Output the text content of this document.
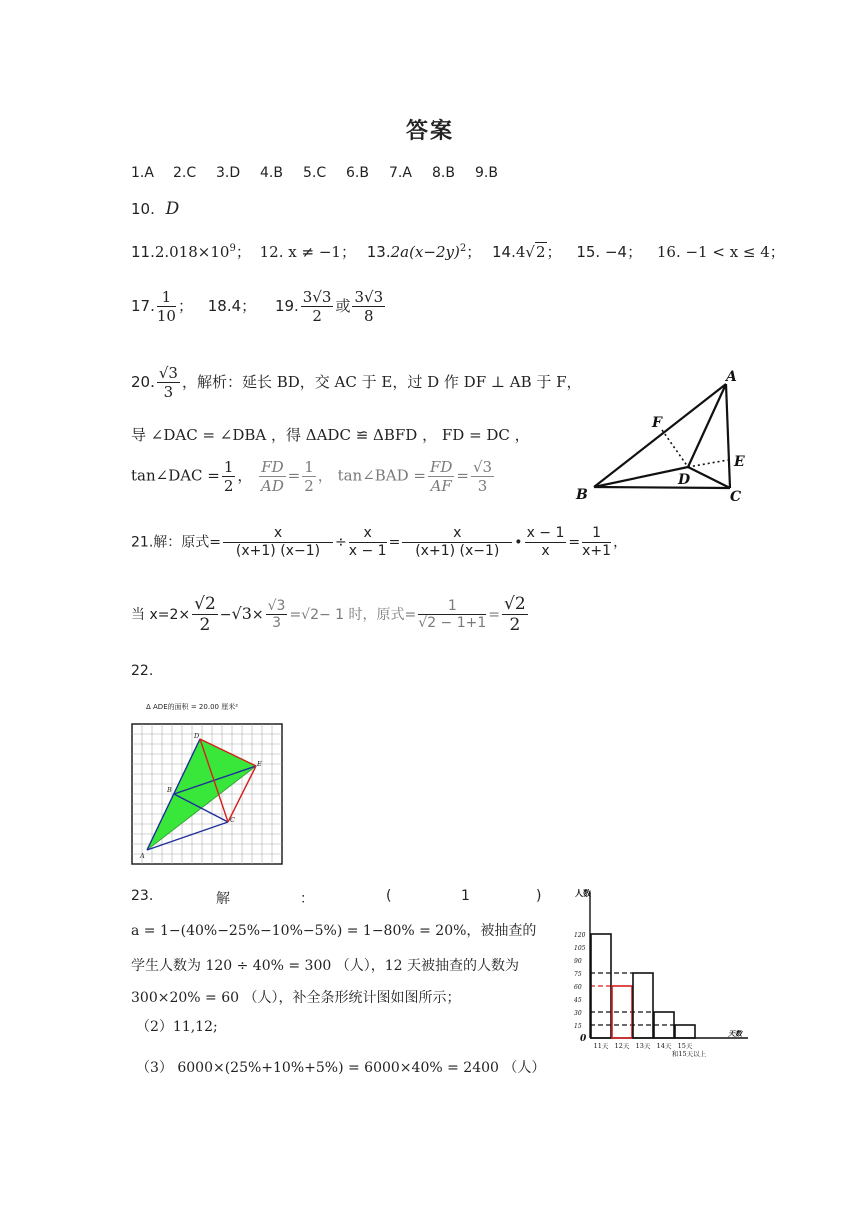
答案
1.A 2.C 3.D 4.B 5.C 6.B 7.A 8.B 9.B
10. D
$11.2.018\times 10^9$； 12. x ≠ −1； $13.2a(x-2y)^2$； 14.4√2； 15. −4； 16. −1 < x ≤ 4；
17. $\frac{1}{10}$ ； 18.4； 19. $\frac{3√3}{2}$ 或 $\frac{3√3}{8}$
20. $\frac{√3}{3}$ ，解析：延长 BD，交 AC 于 E，过 D 作 DF ⊥ AB 于 F，
导 ∠DAC = ∠DBA ，得 ΔADC ≌ ΔBFD ， FD = DC ，
tan∠DAC = $\frac{1}{2}$ ， $\frac{FD}{AD} = \frac{1}{2}$ ， tan∠BAD = $\frac{FD}{AF} = \frac{√3}{3}$
A
B	C
D
E
F
21.解：原式= $\frac{x}{(x+1) (x-1)} \div \frac{x}{x - 1} = \frac{x}{(x+1) (x-1)}$ • $\frac{x - 1}{x} = \frac{1}{x+1}$ ，
当 $x=2\times \frac{√2}{2} -√3\times \frac{√3}{3} =√2- 1$ 时，原式= $\frac{1}{√2 - 1+1} = \frac{√2}{2}$
22.
Δ ADE的面积 = 20.00 厘米²
A
B
C
D
E
23.	解	：	(	1	)
a = 1−(40%−25%−10%−5%) = 1−80% = 20%，被抽查的
学生人数为 120 ÷ 40% = 300 （人），12 天被抽查的人数为
300×20% = 60 （人），补全条形统计图如图所示；
（2）11,12;
（3） 6000×(25%+10%+5%) = 6000×40% = 2400 （人）
人数
天数
120
105
90
75
60
45
30
15
0
11天 12天 13天 14天 15天
和15天以上
